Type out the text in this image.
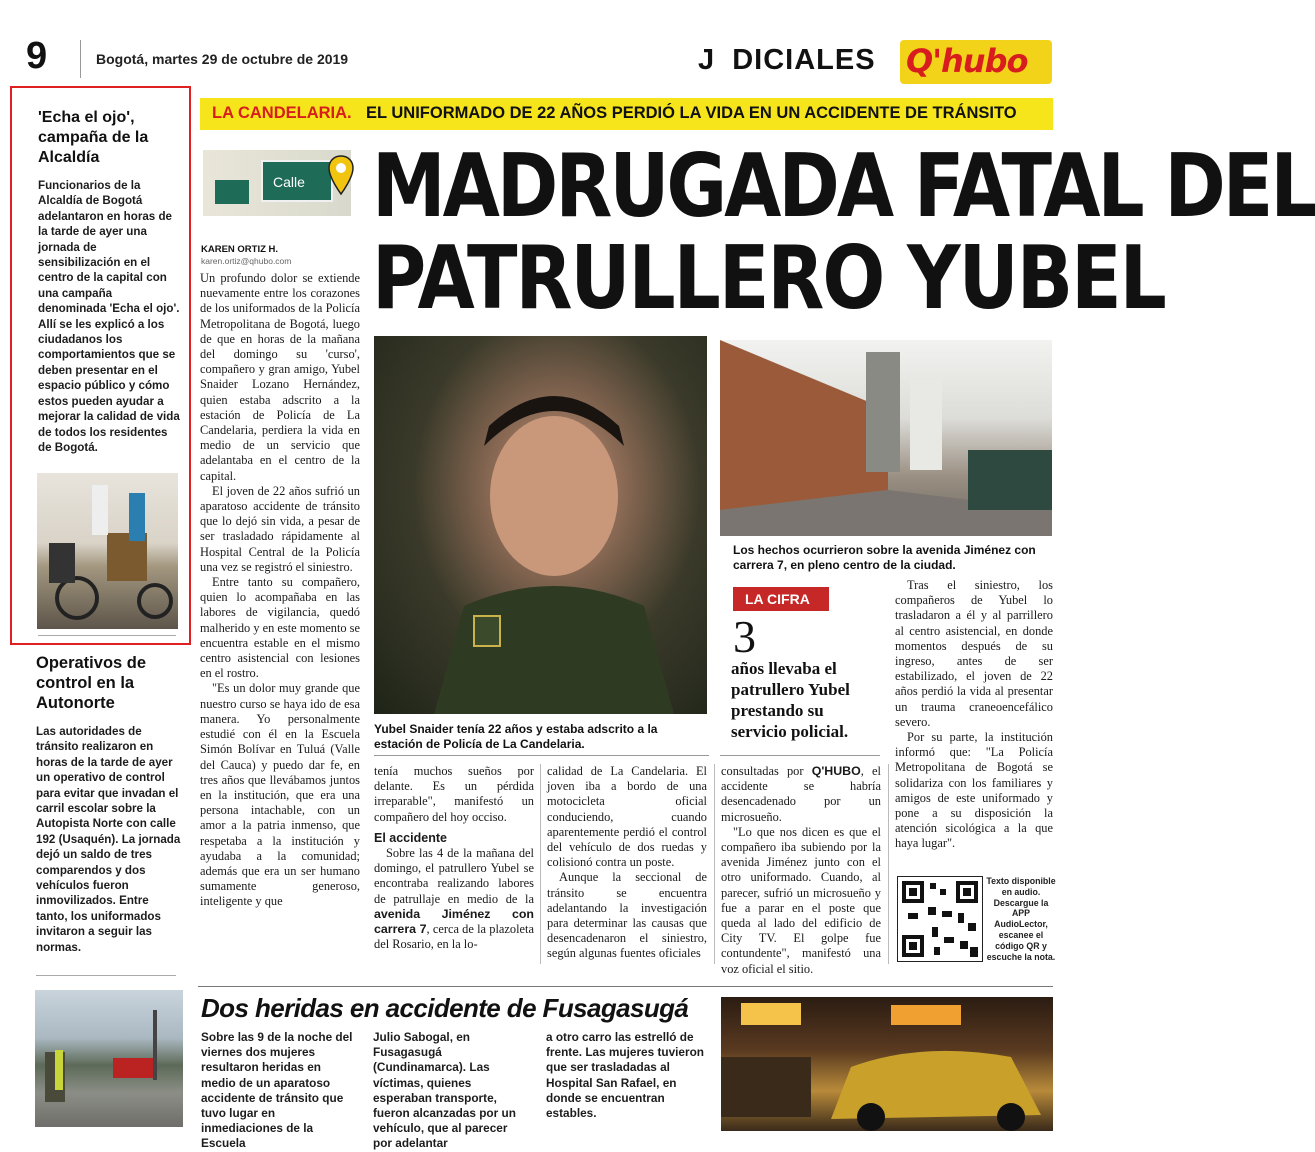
9	Bogotá, martes 29 de octubre de 2019	J DICIALES Q'hubo
'Echa el ojo', campaña de la Alcaldía
Funcionarios de la Alcaldía de Bogotá adelantaron en horas de la tarde de ayer una jornada de sensibilización en el centro de la capital con una campaña denominada 'Echa el ojo'. Allí se les explicó a los ciudadanos los comportamientos que se deben presentar en el espacio público y cómo estos pueden ayudar a mejorar la calidad de vida de todos los residentes de Bogotá.
Operativos de control en la Autonorte
Las autoridades de tránsito realizaron en horas de la tarde de ayer un operativo de control para evitar que invadan el carril escolar sobre la Autopista Norte con calle 192 (Usaquén). La jornada dejó un saldo de tres comparendos y dos vehículos fueron inmovilizados. Entre tanto, los uniformados invitaron a seguir las normas.
LA CANDELARIA. EL UNIFORMADO DE 22 AÑOS PERDIÓ LA VIDA EN UN ACCIDENTE DE TRÁNSITO
Calle MADRUGADA FATAL DEL
PATRULLERO YUBEL
KAREN ORTIZ H.
karen.ortiz@qhubo.com

Un profundo dolor se extiende nuevamente entre los corazones de los uniformados de la Policía Metropolitana de Bogotá, luego de que en horas de la mañana del domingo su 'curso', compañero y gran amigo, Yubel Snaider Lozano Hernández, quien estaba adscrito a la estación de Policía de La Candelaria, perdiera la vida en medio de un servicio que adelantaba en el centro de la capital.

El joven de 22 años sufrió un aparatoso accidente de tránsito que lo dejó sin vida, a pesar de ser trasladado rápidamente al Hospital Central de la Policía una vez se registró el siniestro.

Entre tanto su compañero, quien lo acompañaba en las labores de vigilancia, quedó malherido y en este momento se encuentra estable en el mismo centro asistencial con lesiones en el rostro.

"Es un dolor muy grande que nuestro curso se haya ido de esa manera. Yo personalmente estudié con él en la Escuela Simón Bolívar en Tuluá (Valle del Cauca) y puedo dar fe, en tres años que llevábamos juntos en la institución, que era una persona intachable, con un amor a la patria inmenso, que respetaba a la institución y ayudaba a la comunidad; además que era un ser humano sumamente generoso, inteligente y que

Yubel Snaider tenía 22 años y estaba adscrito a la estación de Policía de La Candelaria.
Los hechos ocurrieron sobre la avenida Jiménez con carrera 7, en pleno centro de la ciudad.
LA CIFRA
3
años llevaba el patrullero Yubel prestando su servicio policial.

Tras el siniestro, los compañeros de Yubel lo trasladaron a él y al parrillero al centro asistencial, en donde momentos después de su ingreso, antes de ser estabilizado, el joven de 22 años perdió la vida al presentar un trauma craneoencefálico severo.

Por su parte, la institución informó que: "La Policía Metropolitana de Bogotá se solidariza con los familiares y amigos de este uniformado y pone a su disposición la atención sicológica a la que haya lugar".

tenía muchos sueños por delante. Es un pérdida irreparable", manifestó un compañero del hoy occiso.

El accidente

Sobre las 4 de la mañana del domingo, el patrullero Yubel se encontraba realizando labores de patrullaje en medio de la avenida Jiménez con carrera 7, cerca de la plazoleta del Rosario, en la lo-

calidad de La Candelaria. El joven iba a bordo de una motocicleta oficial conduciendo, cuando aparentemente perdió el control del vehículo de dos ruedas y colisionó contra un poste.

Aunque la seccional de tránsito se encuentra adelantando la investigación para determinar las causas que desencadenaron el siniestro, según algunas fuentes oficiales

consultadas por Q'HUBO, el accidente se habría desencadenado por un microsueño.

"Lo que nos dicen es que el compañero iba subiendo por la avenida Jiménez junto con el otro uniformado. Cuando, al parecer, sufrió un microsueño y fue a parar en el poste que queda al lado del edificio de City TV. El golpe fue contundente", manifestó una voz oficial el sitio.

Texto disponible en audio. Descargue la APP AudioLector, escanee el código QR y escuche la nota.
Dos heridas en accidente de Fusagasugá
Sobre las 9 de la noche del viernes dos mujeres resultaron heridas en medio de un aparatoso accidente de tránsito que tuvo lugar en inmediaciones de la Escuela
Julio Sabogal, en Fusagasugá (Cundinamarca). Las víctimas, quienes esperaban transporte, fueron alcanzadas por un vehículo, que al parecer por adelantar
a otro carro las estrelló de frente. Las mujeres tuvieron que ser trasladadas al Hospital San Rafael, en donde se encuentran estables.
